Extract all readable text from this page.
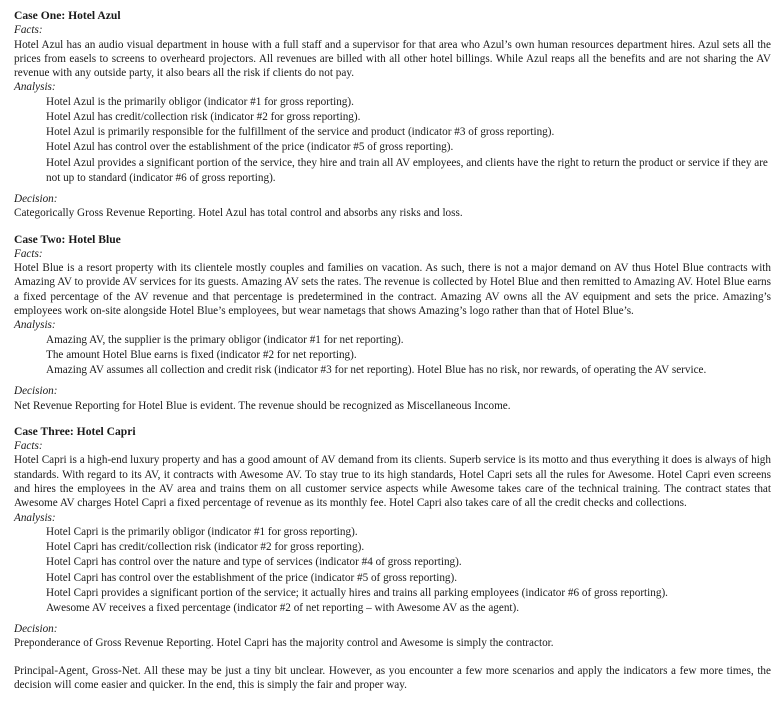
Case One: Hotel Azul

Facts:

Hotel Azul has an audio visual department in house with a full staff and a supervisor for that area who Azul’s own human resources department hires. Azul sets all the prices from easels to screens to overheard projectors. All revenues are billed with all other hotel billings. While Azul reaps all the benefits and are not sharing the AV revenue with any outside party, it also bears all the risk if clients do not pay.

Analysis:

Hotel Azul is the primarily obligor (indicator #1 for gross reporting).
Hotel Azul has credit/collection risk (indicator #2 for gross reporting).
Hotel Azul is primarily responsible for the fulfillment of the service and product (indicator #3 of gross reporting).
Hotel Azul has control over the establishment of the price (indicator #5 of gross reporting).
Hotel Azul provides a significant portion of the service, they hire and train all AV employees, and clients have the right to return the product or service if they are not up to standard (indicator #6 of gross reporting).

Decision:

Categorically Gross Revenue Reporting. Hotel Azul has total control and absorbs any risks and loss.

Case Two: Hotel Blue

Facts:

Hotel Blue is a resort property with its clientele mostly couples and families on vacation. As such, there is not a major demand on AV thus Hotel Blue contracts with Amazing AV to provide AV services for its guests. Amazing AV sets the rates. The revenue is collected by Hotel Blue and then remitted to Amazing AV. Hotel Blue earns a fixed percentage of the AV revenue and that percentage is predetermined in the contract. Amazing AV owns all the AV equipment and sets the price. Amazing’s employees work on-site alongside Hotel Blue’s employees, but wear nametags that shows Amazing’s logo rather than that of Hotel Blue’s.

Analysis:

Amazing AV, the supplier is the primary obligor (indicator #1 for net reporting).
The amount Hotel Blue earns is fixed (indicator #2 for net reporting).
Amazing AV assumes all collection and credit risk (indicator #3 for net reporting). Hotel Blue has no risk, nor rewards, of operating the AV service.

Decision:

Net Revenue Reporting for Hotel Blue is evident. The revenue should be recognized as Miscellaneous Income.

Case Three: Hotel Capri

Facts:

Hotel Capri is a high-end luxury property and has a good amount of AV demand from its clients. Superb service is its motto and thus everything it does is always of high standards. With regard to its AV, it contracts with Awesome AV. To stay true to its high standards, Hotel Capri sets all the rules for Awesome. Hotel Capri even screens and hires the employees in the AV area and trains them on all customer service aspects while Awesome takes care of the technical training. The contract states that Awesome AV charges Hotel Capri a fixed percentage of revenue as its monthly fee. Hotel Capri also takes care of all the credit checks and collections.

Analysis:

Hotel Capri is the primarily obligor (indicator #1 for gross reporting).
Hotel Capri has credit/collection risk (indicator #2 for gross reporting).
Hotel Capri has control over the nature and type of services (indicator #4 of gross reporting).
Hotel Capri has control over the establishment of the price (indicator #5 of gross reporting).
Hotel Capri provides a significant portion of the service; it actually hires and trains all parking employees (indicator #6 of gross reporting).
Awesome AV receives a fixed percentage (indicator #2 of net reporting – with Awesome AV as the agent).

Decision:

Preponderance of Gross Revenue Reporting. Hotel Capri has the majority control and Awesome is simply the contractor.

Principal-Agent, Gross-Net. All these may be just a tiny bit unclear. However, as you encounter a few more scenarios and apply the indicators a few more times, the decision will come easier and quicker. In the end, this is simply the fair and proper way.
